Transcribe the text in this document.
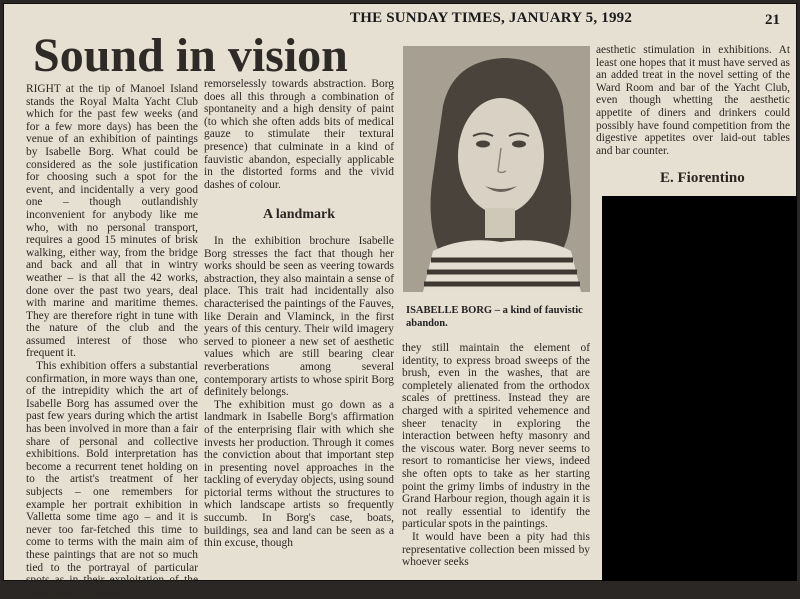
THE SUNDAY TIMES, JANUARY 5, 1992	21
Sound in vision

RIGHT at the tip of Manoel Island stands the Royal Malta Yacht Club which for the past few weeks (and for a few more days) has been the venue of an exhibition of paintings by Isabelle Borg. What could be considered as the sole justification for choosing such a spot for the event, and incidentally a very good one – though outlandishly inconvenient for anybody like me who, with no personal transport, requires a good 15 minutes of brisk walking, either way, from the bridge and back and all that in wintry weather – is that all the 42 works, done over the past two years, deal with marine and maritime themes. They are therefore right in tune with the nature of the club and the assumed interest of those who frequent it.

This exhibition offers a substantial confirmation, in more ways than one, of the intrepidity which the art of Isabelle Borg has assumed over the past few years during which the artist has been involved in more than a fair share of personal and collective exhibitions. Bold interpretation has become a recurrent tenet holding on to the artist's treatment of her subjects – one remembers for example her portrait exhibition in Valletta some time ago – and it is never too far-fetched this time to come to terms with the main aim of these paintings that are not so much tied to the portrayal of particular spots as in their exploitation of the visual data that slide

remorselessly towards abstraction. Borg does all this through a combination of spontaneity and a high density of paint (to which she often adds bits of medical gauze to stimulate their textural presence) that culminate in a kind of fauvistic abandon, especially applicable in the distorted forms and the vivid dashes of colour.

A landmark

In the exhibition brochure Isabelle Borg stresses the fact that though her works should be seen as veering towards abstraction, they also maintain a sense of place. This trait had incidentally also characterised the paintings of the Fauves, like Derain and Vlaminck, in the first years of this century. Their wild imagery served to pioneer a new set of aesthetic values which are still bearing clear reverberations among several contemporary artists to whose spirit Borg definitely belongs.

The exhibition must go down as a landmark in Isabelle Borg's affirmation of the enterprising flair with which she invests her production. Through it comes the conviction about that important step in presenting novel approaches in the tackling of everyday objects, using sound pictorial terms without the structures to which landscape artists so frequently succumb. In Borg's case, boats, buildings, sea and land can be seen as a thin excuse, though

ISABELLE BORG – a kind of fauvistic abandon.

they still maintain the element of identity, to express broad sweeps of the brush, even in the washes, that are completely alienated from the orthodox scales of prettiness. Instead they are charged with a spirited vehemence and sheer tenacity in exploring the interaction between hefty masonry and the viscous water. Borg never seems to resort to romanticise her views, indeed she often opts to take as her starting point the grimy limbs of industry in the Grand Harbour region, though again it is not really essential to identify the particular spots in the paintings.

It would have been a pity had this representative collection been missed by whoever seeks

aesthetic stimulation in exhibitions. At least one hopes that it must have served as an added treat in the novel setting of the Ward Room and bar of the Yacht Club, even though whetting the aesthetic appetite of diners and drinkers could possibly have found competition from the digestive appetites over laid-out tables and bar counter.

E. Fiorentino
